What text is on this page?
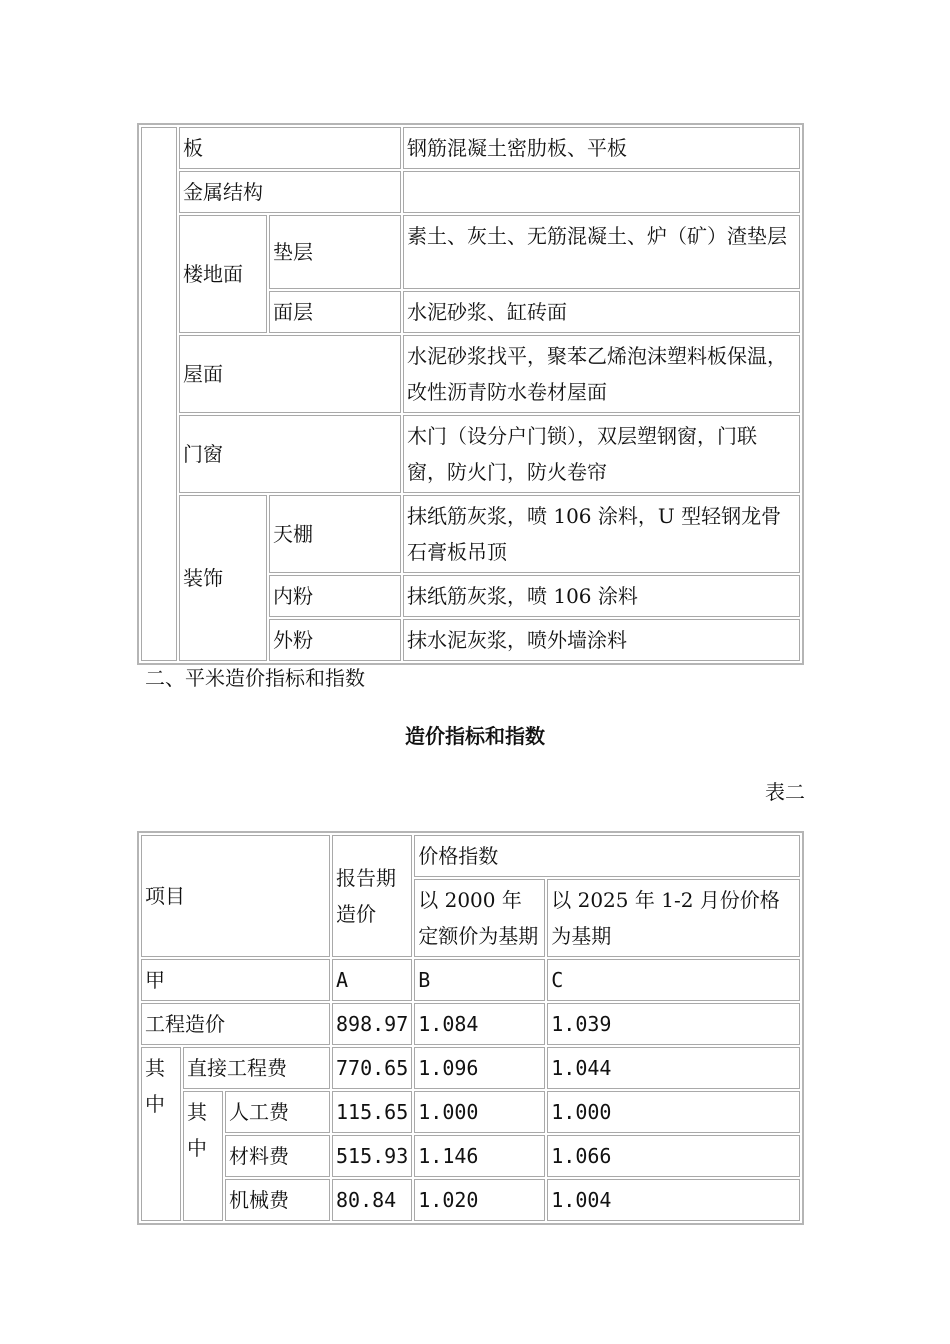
	板		钢筋混凝土密肋板、平板
	金属结构		
	楼地面	垫层	素土、灰土、无筋混凝土、炉（矿）渣垫层
		面层	水泥砂浆、缸砖面
	屋面		水泥砂浆找平，聚苯乙烯泡沫塑料板保温，改性沥青防水卷材屋面
	门窗		木门（设分户门锁），双层塑钢窗，门联窗，防火门，防火卷帘
	装饰	天棚	抹纸筋灰浆，喷 106 涂料，U 型轻钢龙骨石膏板吊顶
		内粉	抹纸筋灰浆，喷 106 涂料
		外粉	抹水泥灰浆，喷外墙涂料
二、平米造价指标和指数
造价指标和指数
表二
项目			报告期造价	价格指数	
				以 2000 年定额价为基期	以 2025 年 1-2 月份价格为基期
甲			A	B	C
工程造价			898.97	1.084	1.039
其中	直接工程费		770.65	1.096	1.044
	其中	人工费	115.65	1.000	1.000
		材料费	515.93	1.146	1.066
		机械费	80.84	1.020	1.004
